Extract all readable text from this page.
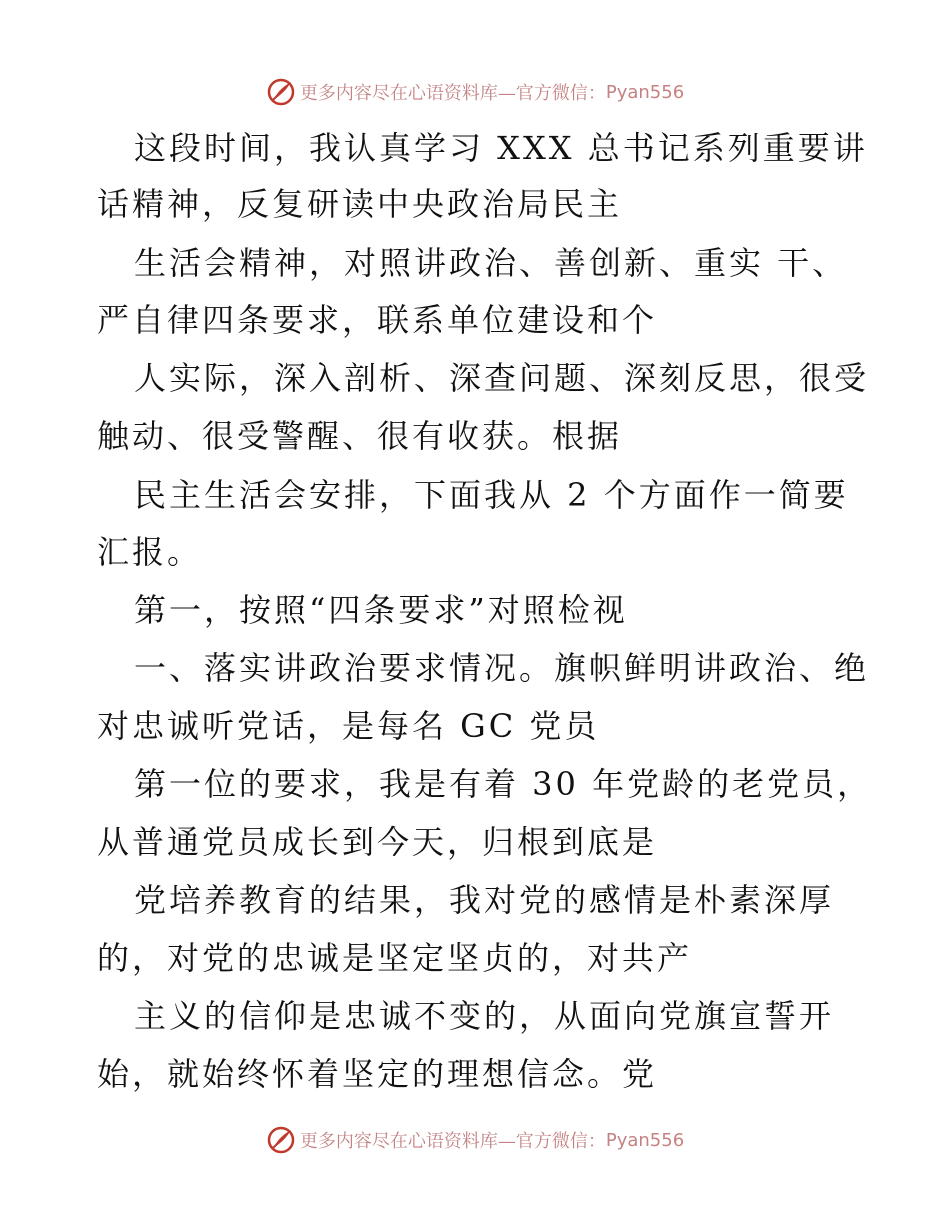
更多内容尽在心语资料库—官方微信： Pyan556
这段时间，我认真学习 XXX 总书记系列重要讲
话精神，反复研读中央政治局民主
生活会精神，对照讲政治、善创新、重实 干、
严自律四条要求，联系单位建设和个
人实际，深入剖析、深查问题、深刻反思，很受
触动、很受警醒、很有收获。根据
民主生活会安排，下面我从 2 个方面作一简要
汇报。
第一，按照“四条要求”对照检视
一、落实讲政治要求情况。旗帜鲜明讲政治、绝
对忠诚听党话，是每名 GC 党员
第一位的要求，我是有着 30 年党龄的老党员，
从普通党员成长到今天，归根到底是
党培养教育的结果，我对党的感情是朴素深厚
的，对党的忠诚是坚定坚贞的，对共产
主义的信仰是忠诚不变的，从面向党旗宣誓开
始，就始终怀着坚定的理想信念。党
更多内容尽在心语资料库—官方微信： Pyan556
